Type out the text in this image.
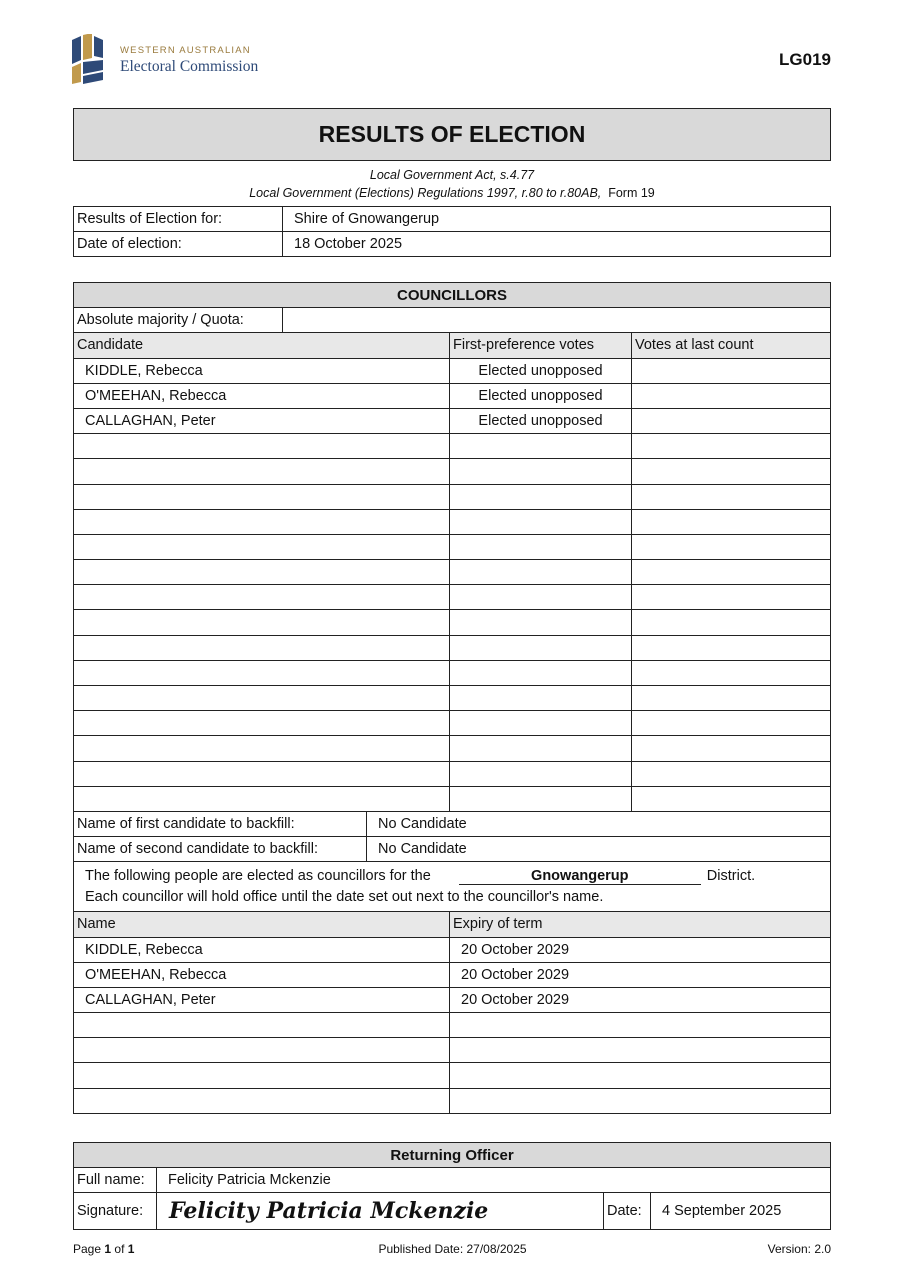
WESTERN AUSTRALIAN
Electoral Commission	LG019
RESULTS OF ELECTION
Local Government Act, s.4.77
Local Government (Elections) Regulations 1997, r.80 to r.80AB, Form 19
Results of Election for:	Shire of Gnowangerup
Date of election:	18 October 2025
COUNCILLORS				
Absolute majority / Quota:				
Candidate			First-preference votes	Votes at last count
KIDDLE, Rebecca			Elected unopposed	
O'MEEHAN, Rebecca			Elected unopposed	
CALLAGHAN, Peter			Elected unopposed	

Name of first candidate to backfill:		No Candidate		
Name of second candidate to backfill:		No Candidate		
The following people are elected as councillors for the Gnowangerup District.
Each councillor will hold office until the date set out next to the councillor's name.				
Name			Expiry of term	
KIDDLE, Rebecca			20 October 2029	
O'MEEHAN, Rebecca			20 October 2029	
CALLAGHAN, Peter			20 October 2029	

Returning Officer			
Full name:	Felicity Patricia Mckenzie		
Signature:	Felicity Patricia Mckenzie	Date:	4 September 2025
Page 1 of 1	Published Date: 27/08/2025	Version: 2.0
